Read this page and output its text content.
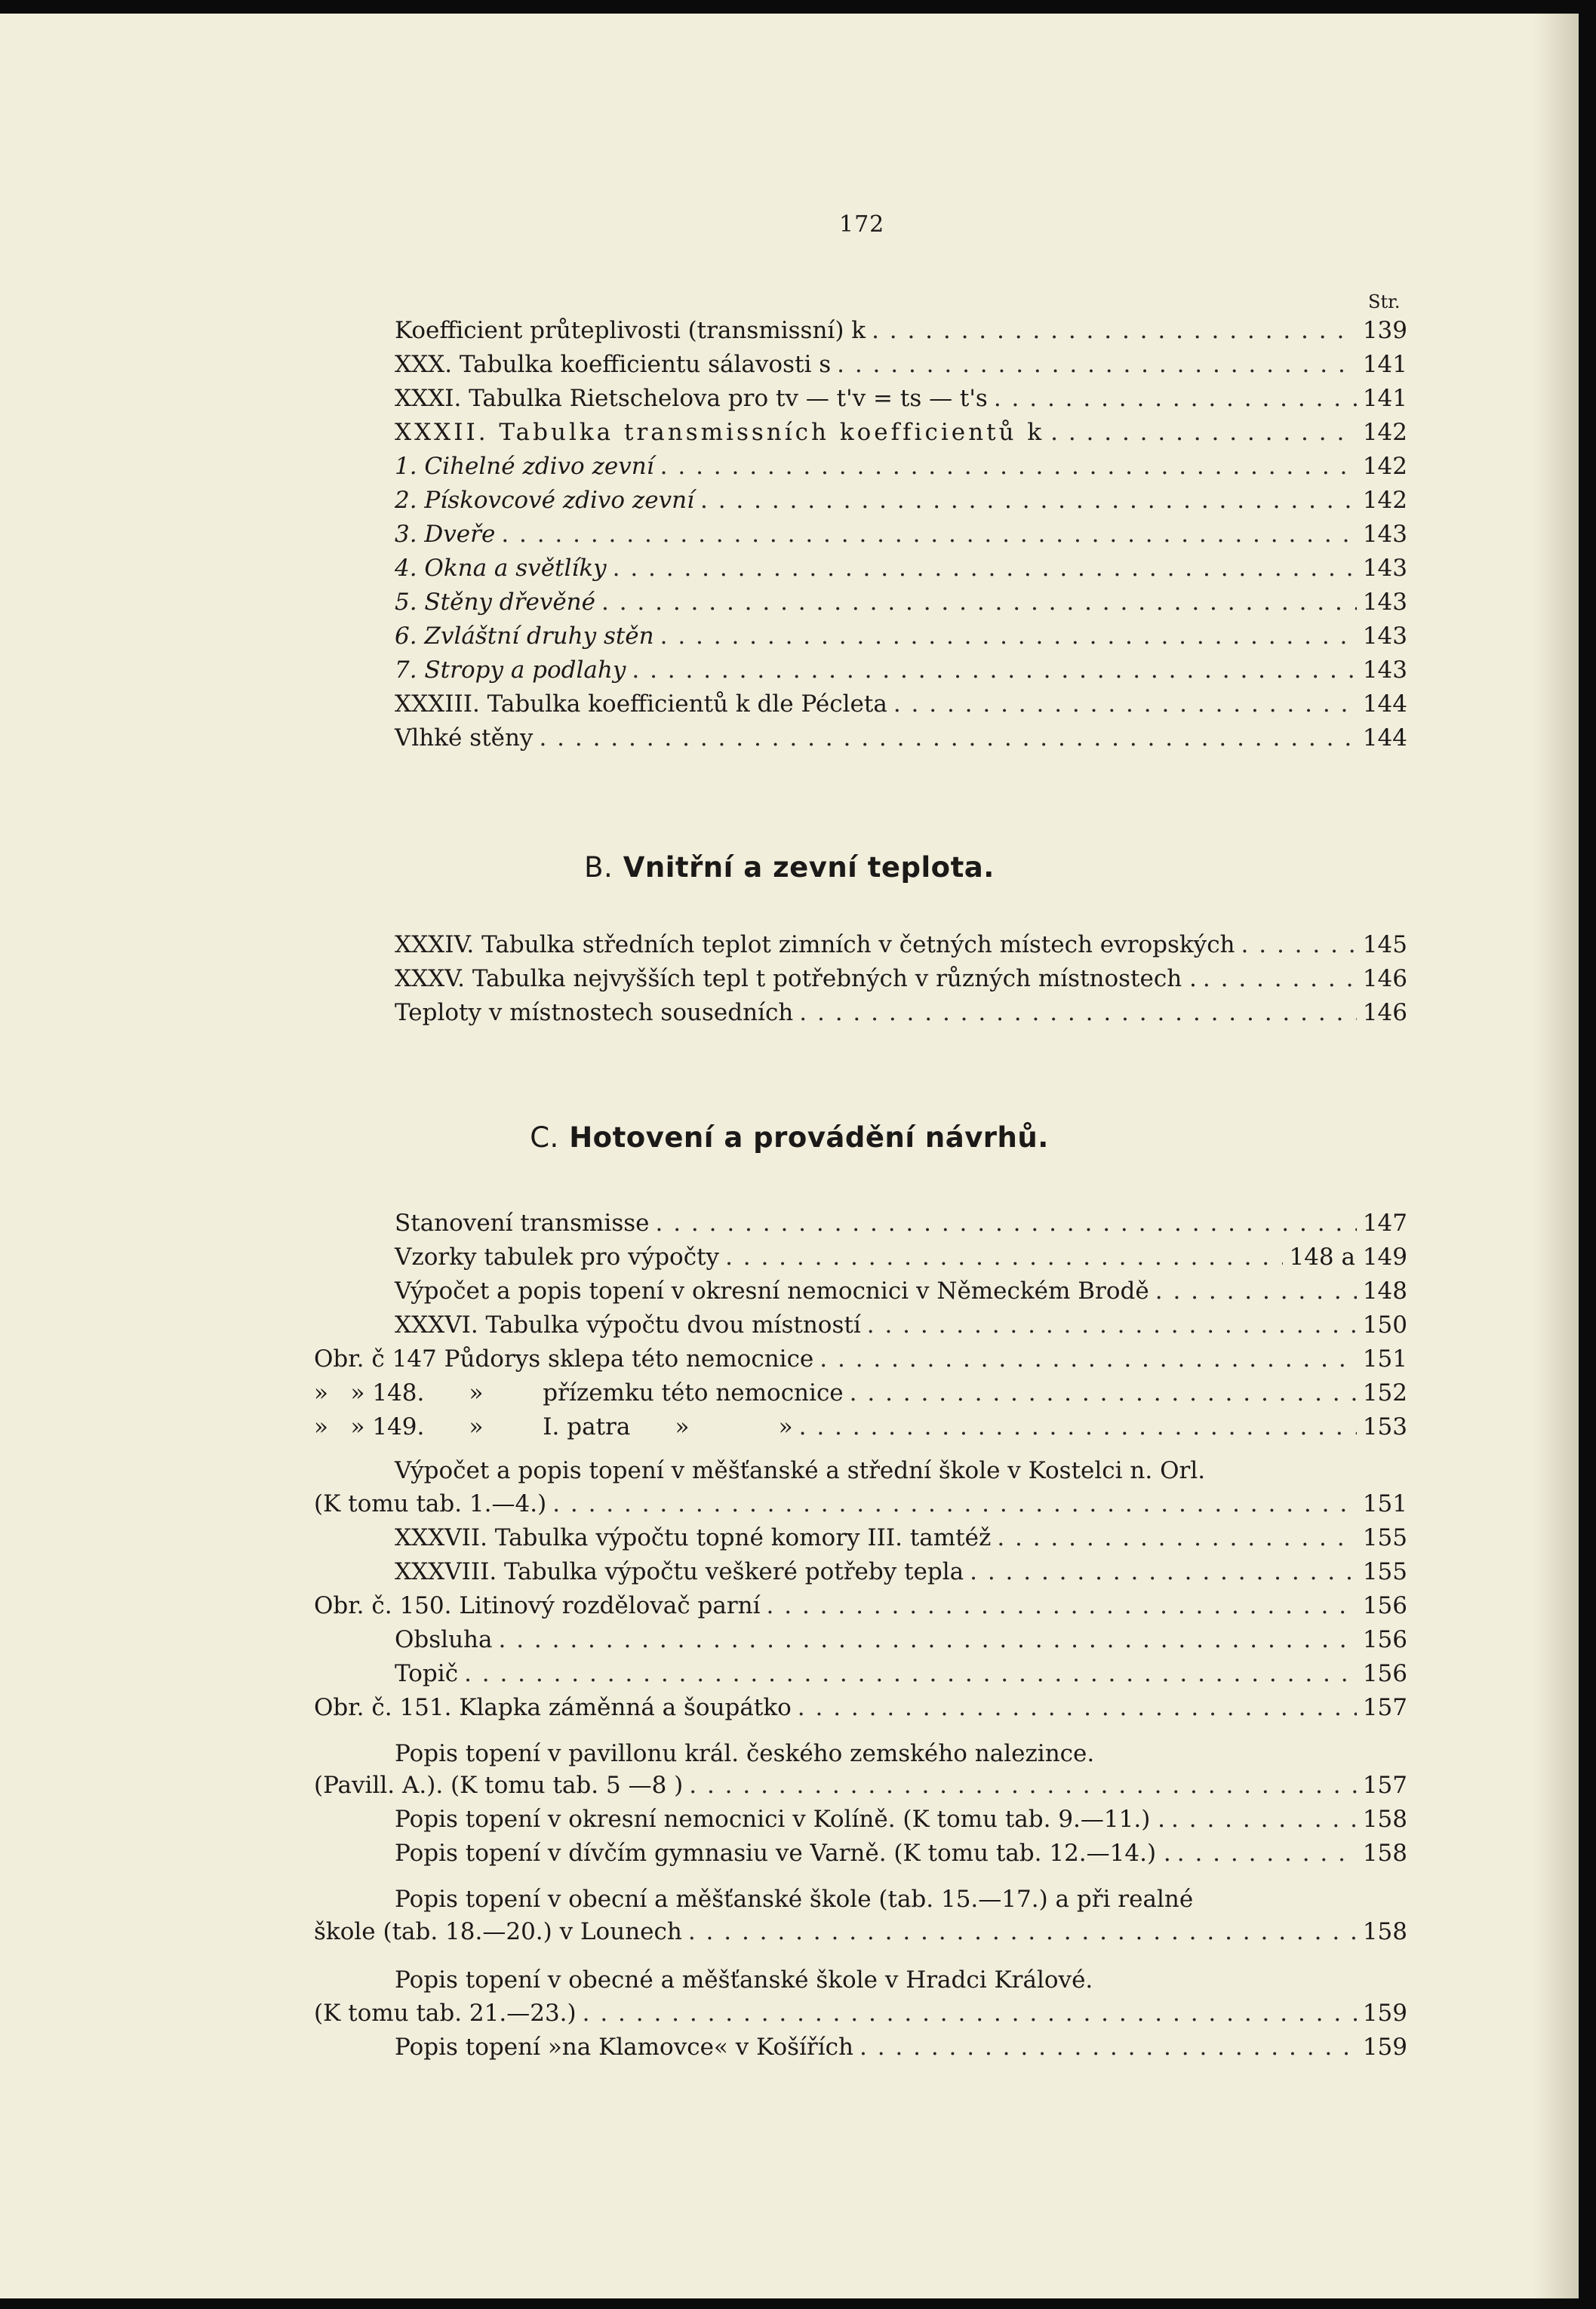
172
Str.
Koefficient průteplivosti (transmissní) k . . .	139
XXX. Tabulka koefficientu sálavosti s . . .	141
XXXI. Tabulka Rietschelova pro tv — t'v = ts — t's . . .	141
XXXII. Tabulka transmissních koefficientů k . . .	142
1. Cihelné zdivo zevní . . .	142
2. Pískovcové zdivo zevní . . .	142
3. Dveře . . .	143
4. Okna a světlíky . . .	143
5. Stěny dřevěné . . .	143
6. Zvláštní druhy stěn . . .	143
7. Stropy a podlahy . . .	143
XXXIII. Tabulka koefficientů k dle Pécleta . . .	144
Vlhké stěny . . .	144
B. Vnitřní a zevní teplota.
XXXIV. Tabulka středních teplot zimních v četných místech evropských . . .	145
XXXV. Tabulka nejvyšších tepl t potřebných v různých místnostech . . . .	146
Teploty v místnostech sousedních . . .	146
C. Hotovení a provádění návrhů.
Stanovení transmisse . . .	147
Vzorky tabulek pro výpočty . . .	148 a 149
Výpočet a popis topení v okresní nemocnici v Německém Brodě . . .	148
XXXVI. Tabulka výpočtu dvou místností . . .	150
Obr. č 147 Půdorys sklepa této nemocnice . . .	151
»   » 148.      »        přízemku této nemocnice . . .	152
»   » 149.      »        I. patra      »            » . . .	153
Výpočet a popis topení v měšťanské a střední škole v Kostelci n. Orl.
(K tomu tab. 1.—4.) . . .	151
XXXVII. Tabulka výpočtu topné komory III. tamtéž . . .	155
XXXVIII. Tabulka výpočtu veškeré potřeby tepla . . .	155
Obr. č. 150. Litinový rozdělovač parní . . .	156
Obsluha . . .	156
Topič . . .	156
Obr. č. 151. Klapka záměnná a šoupátko . . .	157
Popis topení v pavillonu král. českého zemského nalezince.
(Pavill. A.). (K tomu tab. 5 —8 ) . . .	157
Popis topení v okresní nemocnici v Kolíně. (K tomu tab. 9.—11.) . . . .	158
Popis topení v dívčím gymnasiu ve Varně. (K tomu tab. 12.—14.) . . . .	158
Popis topení v obecní a měšťanské škole (tab. 15.—17.) a při realné
škole (tab. 18.—20.) v Lounech . . .	158
Popis topení v obecné a měšťanské škole v Hradci Králové.
(K tomu tab. 21.—23.) . . .	159
Popis topení »na Klamovce« v Košířích . . .	159
